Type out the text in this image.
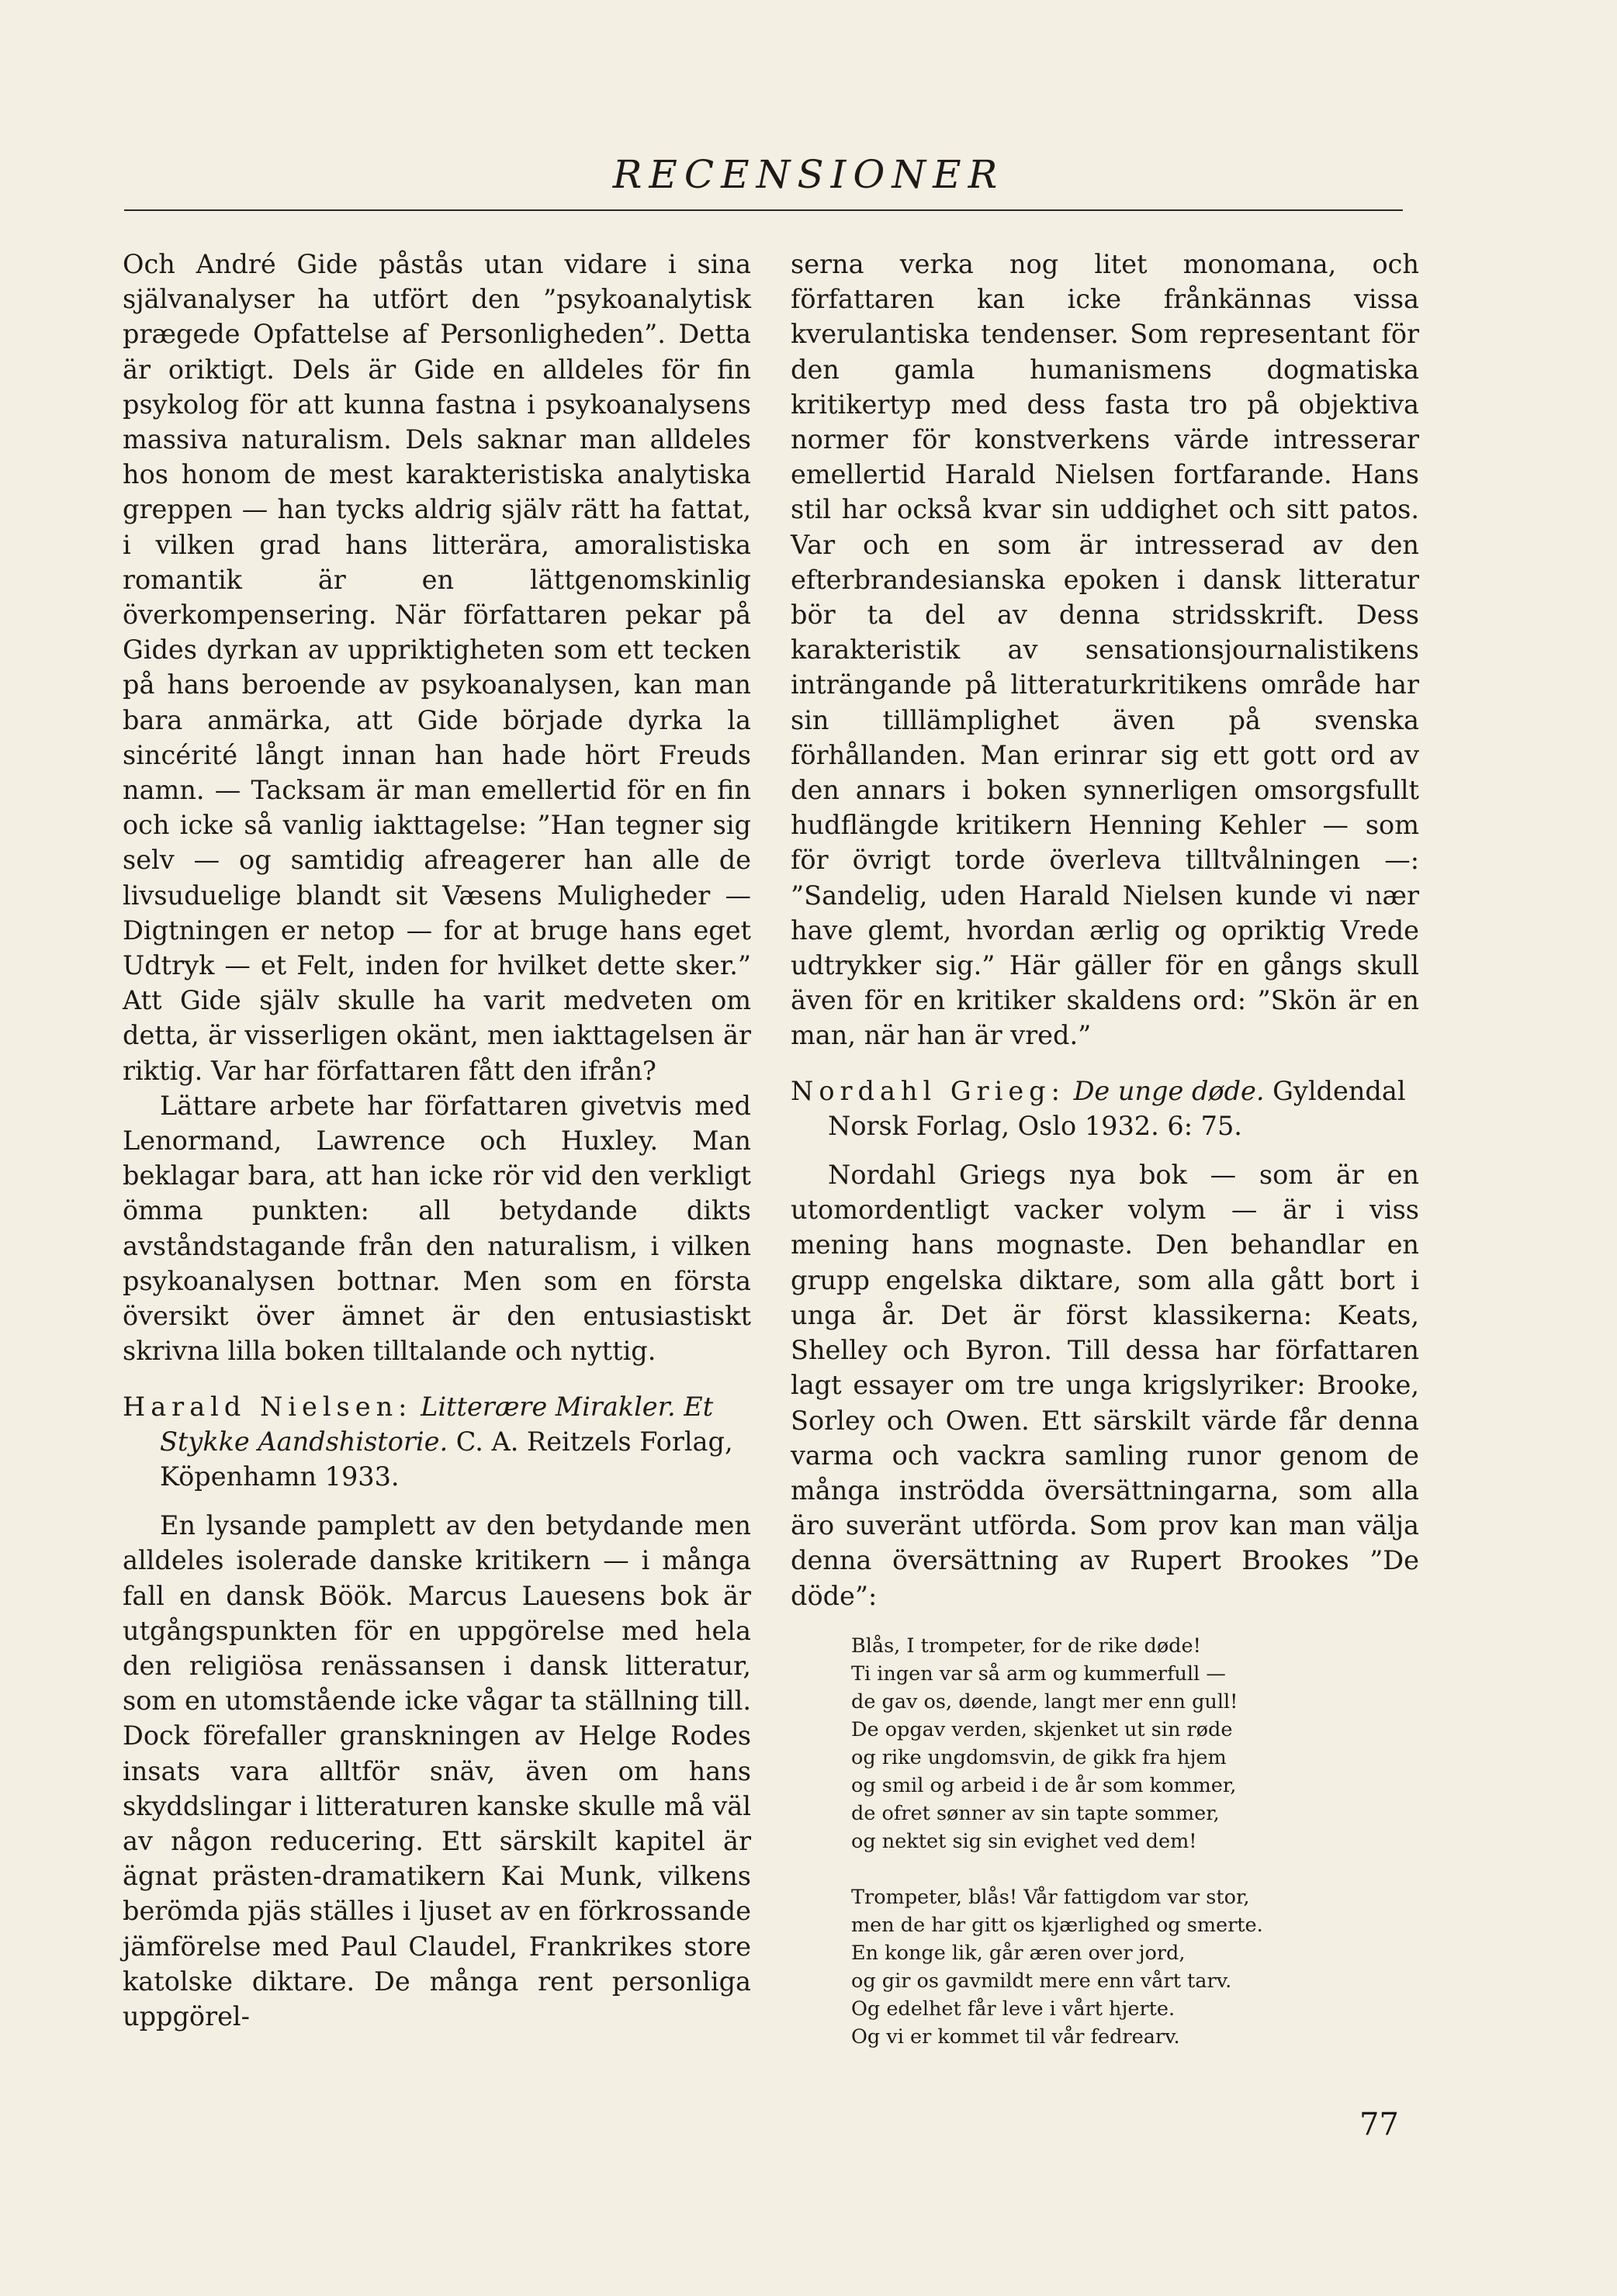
RECENSIONER

Och André Gide påstås utan vidare i sina självanalyser ha utfört den ”psykoanalytisk prægede Opfattelse af Personligheden”. Detta är oriktigt. Dels är Gide en alldeles för fin psykolog för att kunna fastna i psykoanalysens massiva naturalism. Dels saknar man alldeles hos honom de mest karakteristiska analytiska greppen — han tycks aldrig själv rätt ha fattat, i vilken grad hans litterära, amoralistiska romantik är en lättgenomskinlig överkompensering. När författaren pekar på Gides dyrkan av uppriktigheten som ett tecken på hans beroende av psykoanalysen, kan man bara anmärka, att Gide började dyrka la sincérité långt innan han hade hört Freuds namn. — Tacksam är man emellertid för en fin och icke så vanlig iakttagelse: ”Han tegner sig selv — og samtidig afreagerer han alle de livsuduelige blandt sit Væsens Muligheder — Digtningen er netop — for at bruge hans eget Udtryk — et Felt, inden for hvilket dette sker.” Att Gide själv skulle ha varit medveten om detta, är visserligen okänt, men iakttagelsen är riktig. Var har författaren fått den ifrån?

Lättare arbete har författaren givetvis med Lenormand, Lawrence och Huxley. Man beklagar bara, att han icke rör vid den verkligt ömma punkten: all betydande dikts avståndstagande från den naturalism, i vilken psykoanalysen bottnar. Men som en första översikt över ämnet är den entusiastiskt skrivna lilla boken tilltalande och nyttig.

Harald Nielsen: Litterære Mirakler. Et Stykke Aandshistorie. C. A. Reitzels Forlag, Köpenhamn 1933.

En lysande pamplett av den betydande men alldeles isolerade danske kritikern — i många fall en dansk Böök. Marcus Lauesens bok är utgångspunkten för en uppgörelse med hela den religiösa renässansen i dansk litteratur, som en utomstående icke vågar ta ställning till. Dock förefaller granskningen av Helge Rodes insats vara alltför snäv, även om hans skyddslingar i litteraturen kanske skulle må väl av någon reducering. Ett särskilt kapitel är ägnat prästen-dramatikern Kai Munk, vilkens berömda pjäs ställes i ljuset av en förkrossande jämförelse med Paul Claudel, Frankrikes store katolske diktare. De många rent personliga uppgörel-

serna verka nog litet monomana, och författaren kan icke frånkännas vissa kverulantiska tendenser. Som representant för den gamla humanismens dogmatiska kritikertyp med dess fasta tro på objektiva normer för konstverkens värde intresserar emellertid Harald Nielsen fortfarande. Hans stil har också kvar sin uddighet och sitt patos. Var och en som är intresserad av den efterbrandesianska epoken i dansk litteratur bör ta del av denna stridsskrift. Dess karakteristik av sensationsjournalistikens inträngande på litteraturkritikens område har sin tilllämplighet även på svenska förhållanden. Man erinrar sig ett gott ord av den annars i boken synnerligen omsorgsfullt hudflängde kritikern Henning Kehler — som för övrigt torde överleva tilltvålningen —: ”Sandelig, uden Harald Nielsen kunde vi nær have glemt, hvordan ærlig og opriktig Vrede udtrykker sig.” Här gäller för en gångs skull även för en kritiker skaldens ord: ”Skön är en man, när han är vred.”

Nordahl Grieg: De unge døde. Gyldendal Norsk Forlag, Oslo 1932. 6: 75.

Nordahl Griegs nya bok — som är en utomordentligt vacker volym — är i viss mening hans mognaste. Den behandlar en grupp engelska diktare, som alla gått bort i unga år. Det är först klassikerna: Keats, Shelley och Byron. Till dessa har författaren lagt essayer om tre unga krigslyriker: Brooke, Sorley och Owen. Ett särskilt värde får denna varma och vackra samling runor genom de många inströdda översättningarna, som alla äro suveränt utförda. Som prov kan man välja denna översättning av Rupert Brookes ”De döde”:

Blås, I trompeter, for de rike døde!
Ti ingen var så arm og kummerfull —
de gav os, døende, langt mer enn gull!
De opgav verden, skjenket ut sin røde
og rike ungdomsvin, de gikk fra hjem
og smil og arbeid i de år som kommer,
de ofret sønner av sin tapte sommer,
og nektet sig sin evighet ved dem!
Trompeter, blås! Vår fattigdom var stor,
men de har gitt os kjærlighed og smerte.
En konge lik, går æren over jord,
og gir os gavmildt mere enn vårt tarv.
Og edelhet får leve i vårt hjerte.
Og vi er kommet til vår fedrearv.
77
